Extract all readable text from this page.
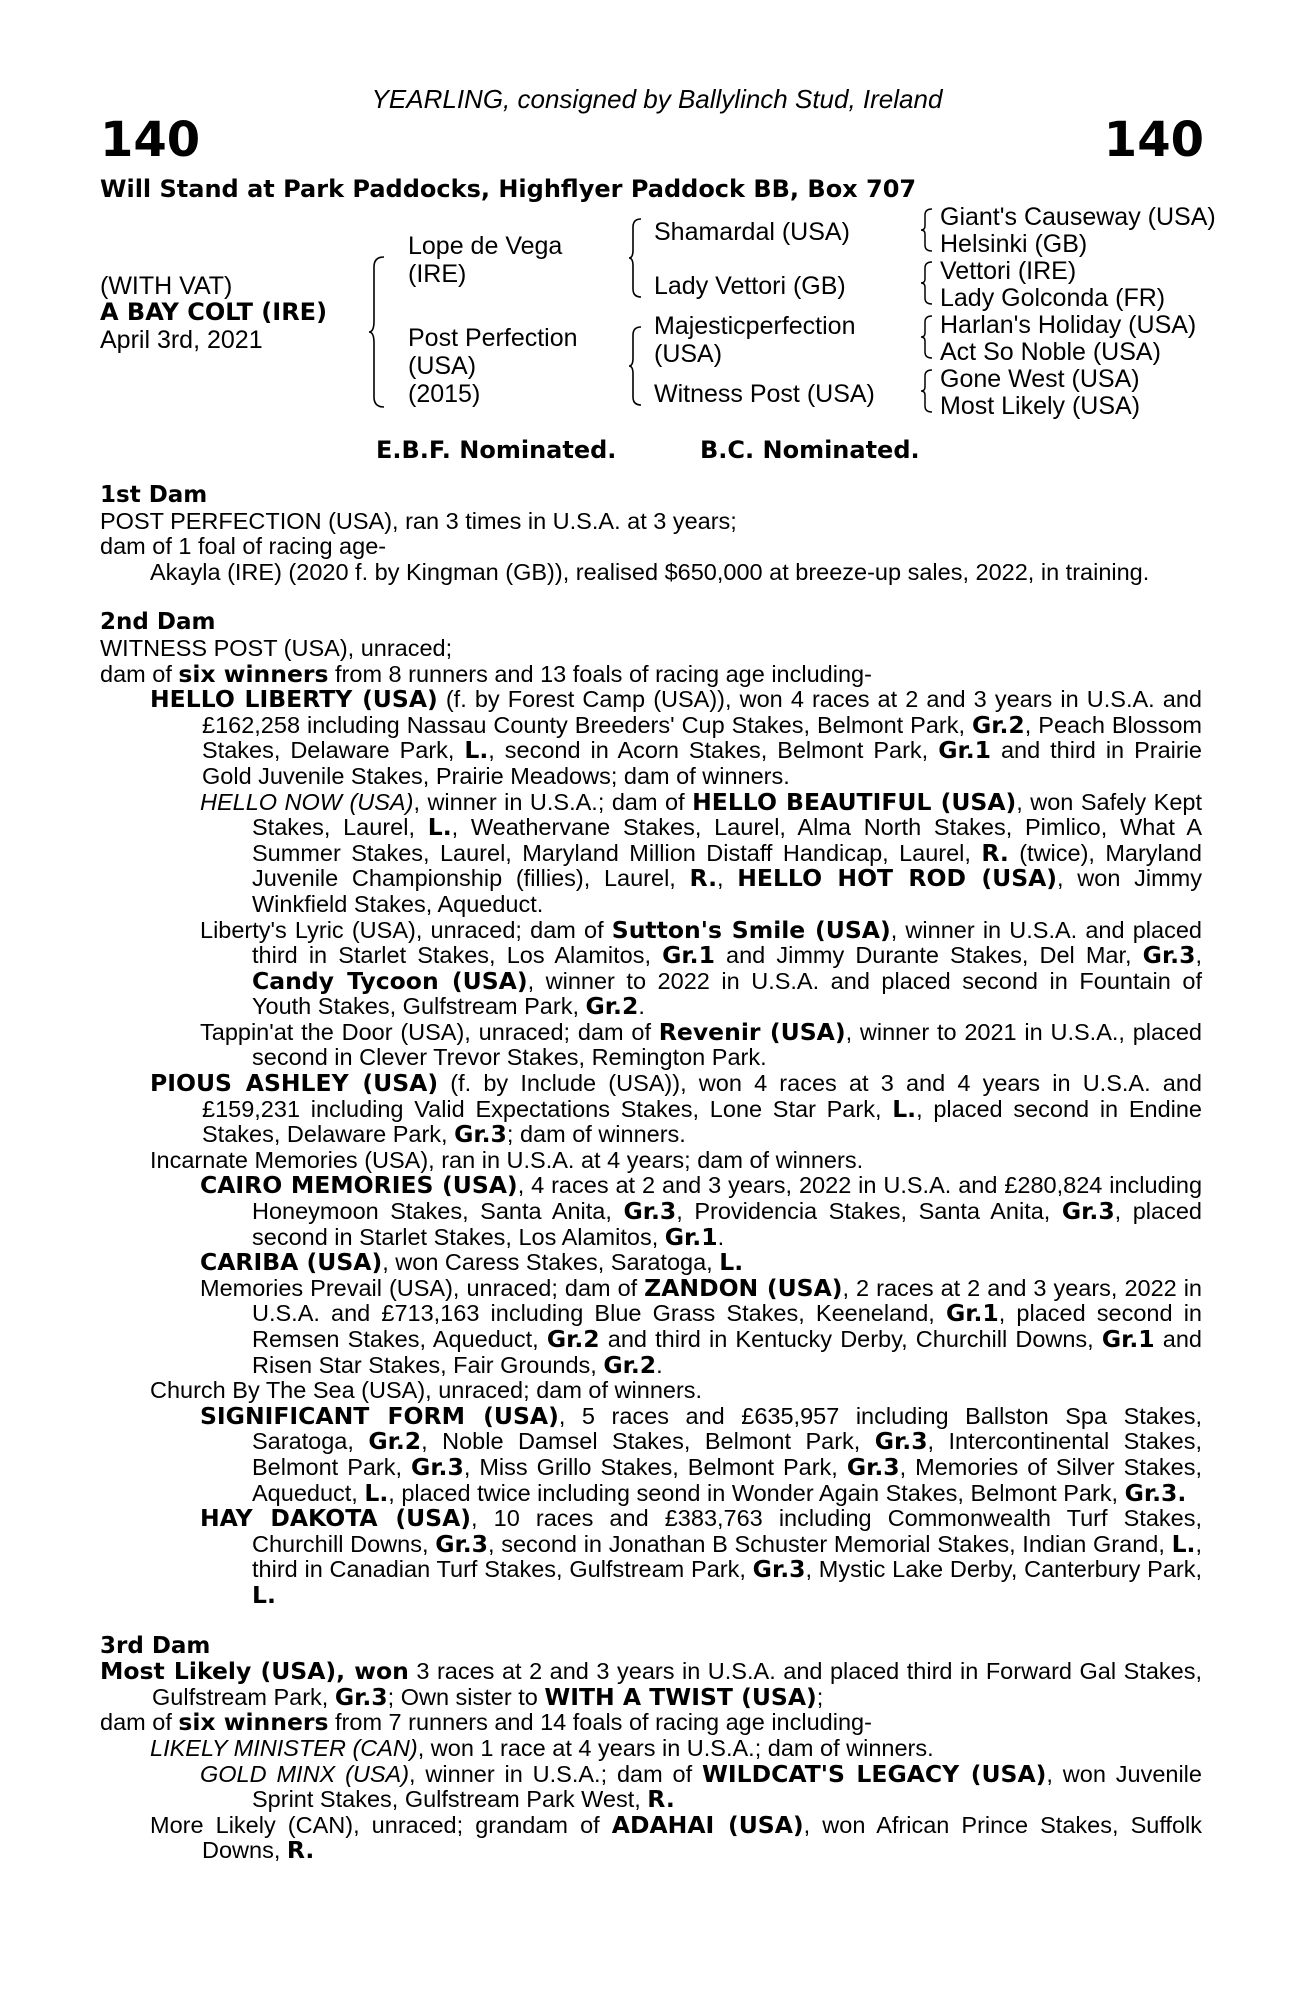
YEARLING, consigned by Ballylinch Stud, Ireland
140	140
Will Stand at Park Paddocks, Highflyer Paddock BB, Box 707
(WITH VAT)
A BAY COLT (IRE)
April 3rd, 2021
Lope de Vega
(IRE)
Post Perfection
(USA)
(2015)
Shamardal (USA)
Lady Vettori (GB)
Majesticperfection
(USA)
Witness Post (USA)
Giant's Causeway (USA)
Helsinki (GB)
Vettori (IRE)
Lady Golconda (FR)
Harlan's Holiday (USA)
Act So Noble (USA)
Gone West (USA)
Most Likely (USA)
E.B.F. Nominated.	B.C. Nominated.
1st Dam
POST PERFECTION (USA), ran 3 times in U.S.A. at 3 years;
dam of 1 foal of racing age-
Akayla (IRE) (2020 f. by Kingman (GB)), realised $650,000 at breeze-up sales, 2022, in training.
2nd Dam
WITNESS POST (USA), unraced;
dam of six winners from 8 runners and 13 foals of racing age including-
HELLO LIBERTY (USA) (f. by Forest Camp (USA)), won 4 races at 2 and 3 years in U.S.A. and £162,258 including Nassau County Breeders' Cup Stakes, Belmont Park, Gr.2, Peach Blossom Stakes, Delaware Park, L., second in Acorn Stakes, Belmont Park, Gr.1 and third in Prairie Gold Juvenile Stakes, Prairie Meadows; dam of winners.
HELLO NOW (USA), winner in U.S.A.; dam of HELLO BEAUTIFUL (USA), won Safely Kept Stakes, Laurel, L., Weathervane Stakes, Laurel, Alma North Stakes, Pimlico, What A Summer Stakes, Laurel, Maryland Million Distaff Handicap, Laurel, R. (twice), Maryland Juvenile Championship (fillies), Laurel, R., HELLO HOT ROD (USA), won Jimmy Winkfield Stakes, Aqueduct.
Liberty's Lyric (USA), unraced; dam of Sutton's Smile (USA), winner in U.S.A. and placed third in Starlet Stakes, Los Alamitos, Gr.1 and Jimmy Durante Stakes, Del Mar, Gr.3, Candy Tycoon (USA), winner to 2022 in U.S.A. and placed second in Fountain of Youth Stakes, Gulfstream Park, Gr.2.
Tappin'at the Door (USA), unraced; dam of Revenir (USA), winner to 2021 in U.S.A., placed second in Clever Trevor Stakes, Remington Park.
PIOUS ASHLEY (USA) (f. by Include (USA)), won 4 races at 3 and 4 years in U.S.A. and £159,231 including Valid Expectations Stakes, Lone Star Park, L., placed second in Endine Stakes, Delaware Park, Gr.3; dam of winners.
Incarnate Memories (USA), ran in U.S.A. at 4 years; dam of winners.
CAIRO MEMORIES (USA), 4 races at 2 and 3 years, 2022 in U.S.A. and £280,824 including Honeymoon Stakes, Santa Anita, Gr.3, Providencia Stakes, Santa Anita, Gr.3, placed second in Starlet Stakes, Los Alamitos, Gr.1.
CARIBA (USA), won Caress Stakes, Saratoga, L.
Memories Prevail (USA), unraced; dam of ZANDON (USA), 2 races at 2 and 3 years, 2022 in U.S.A. and £713,163 including Blue Grass Stakes, Keeneland, Gr.1, placed second in Remsen Stakes, Aqueduct, Gr.2 and third in Kentucky Derby, Churchill Downs, Gr.1 and Risen Star Stakes, Fair Grounds, Gr.2.
Church By The Sea (USA), unraced; dam of winners.
SIGNIFICANT FORM (USA), 5 races and £635,957 including Ballston Spa Stakes, Saratoga, Gr.2, Noble Damsel Stakes, Belmont Park, Gr.3, Intercontinental Stakes, Belmont Park, Gr.3, Miss Grillo Stakes, Belmont Park, Gr.3, Memories of Silver Stakes, Aqueduct, L., placed twice including seond in Wonder Again Stakes, Belmont Park, Gr.3.
HAY DAKOTA (USA), 10 races and £383,763 including Commonwealth Turf Stakes, Churchill Downs, Gr.3, second in Jonathan B Schuster Memorial Stakes, Indian Grand, L., third in Canadian Turf Stakes, Gulfstream Park, Gr.3, Mystic Lake Derby, Canterbury Park, L.
3rd Dam
Most Likely (USA), won 3 races at 2 and 3 years in U.S.A. and placed third in Forward Gal Stakes, Gulfstream Park, Gr.3; Own sister to WITH A TWIST (USA);
dam of six winners from 7 runners and 14 foals of racing age including-
LIKELY MINISTER (CAN), won 1 race at 4 years in U.S.A.; dam of winners.
GOLD MINX (USA), winner in U.S.A.; dam of WILDCAT'S LEGACY (USA), won Juvenile Sprint Stakes, Gulfstream Park West, R.
More Likely (CAN), unraced; grandam of ADAHAI (USA), won African Prince Stakes, Suffolk Downs, R.
